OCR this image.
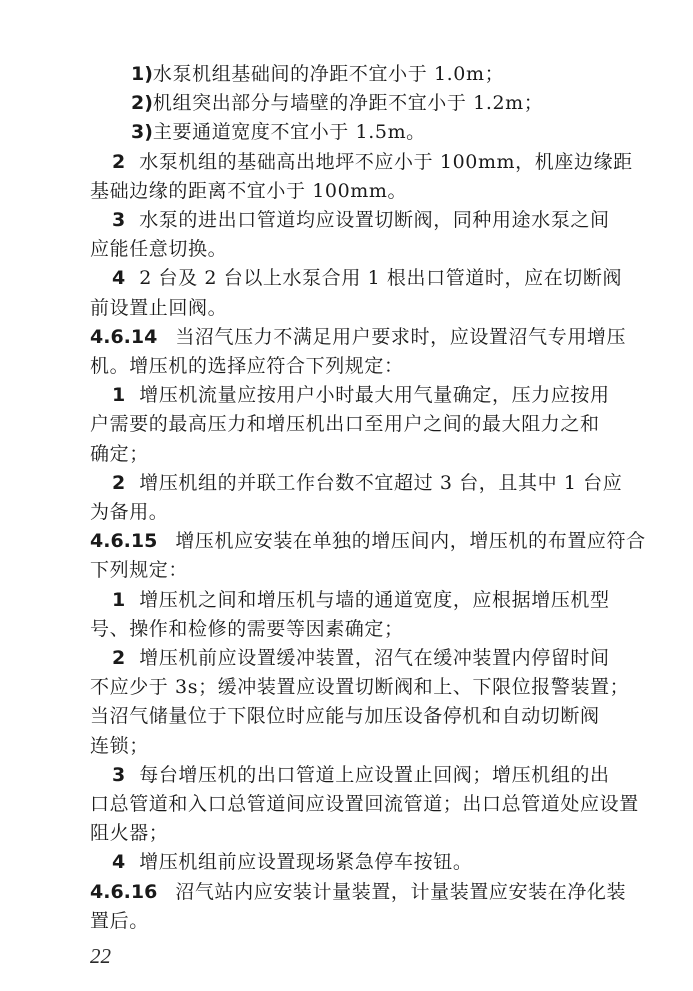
1)水泵机组基础间的净距不宜小于 1.0m；
2)机组突出部分与墙壁的净距不宜小于 1.2m；
3)主要通道宽度不宜小于 1.5m。
2 水泵机组的基础高出地坪不应小于 100mm，机座边缘距
基础边缘的距离不宜小于 100mm。
3 水泵的进出口管道均应设置切断阀，同种用途水泵之间
应能任意切换。
4 2 台及 2 台以上水泵合用 1 根出口管道时，应在切断阀
前设置止回阀。
4.6.14 当沼气压力不满足用户要求时，应设置沼气专用增压
机。增压机的选择应符合下列规定：
1 增压机流量应按用户小时最大用气量确定，压力应按用
户需要的最高压力和增压机出口至用户之间的最大阻力之和
确定；
2 增压机组的并联工作台数不宜超过 3 台，且其中 1 台应
为备用。
4.6.15 增压机应安装在单独的增压间内，增压机的布置应符合
下列规定：
1 增压机之间和增压机与墙的通道宽度，应根据增压机型
号、操作和检修的需要等因素确定；
2 增压机前应设置缓冲装置，沼气在缓冲装置内停留时间
不应少于 3s；缓冲装置应设置切断阀和上、下限位报警装置；
当沼气储量位于下限位时应能与加压设备停机和自动切断阀
连锁；
3 每台增压机的出口管道上应设置止回阀；增压机组的出
口总管道和入口总管道间应设置回流管道；出口总管道处应设置
阻火器；
4 增压机组前应设置现场紧急停车按钮。
4.6.16 沼气站内应安装计量装置，计量装置应安装在净化装
置后。
22
